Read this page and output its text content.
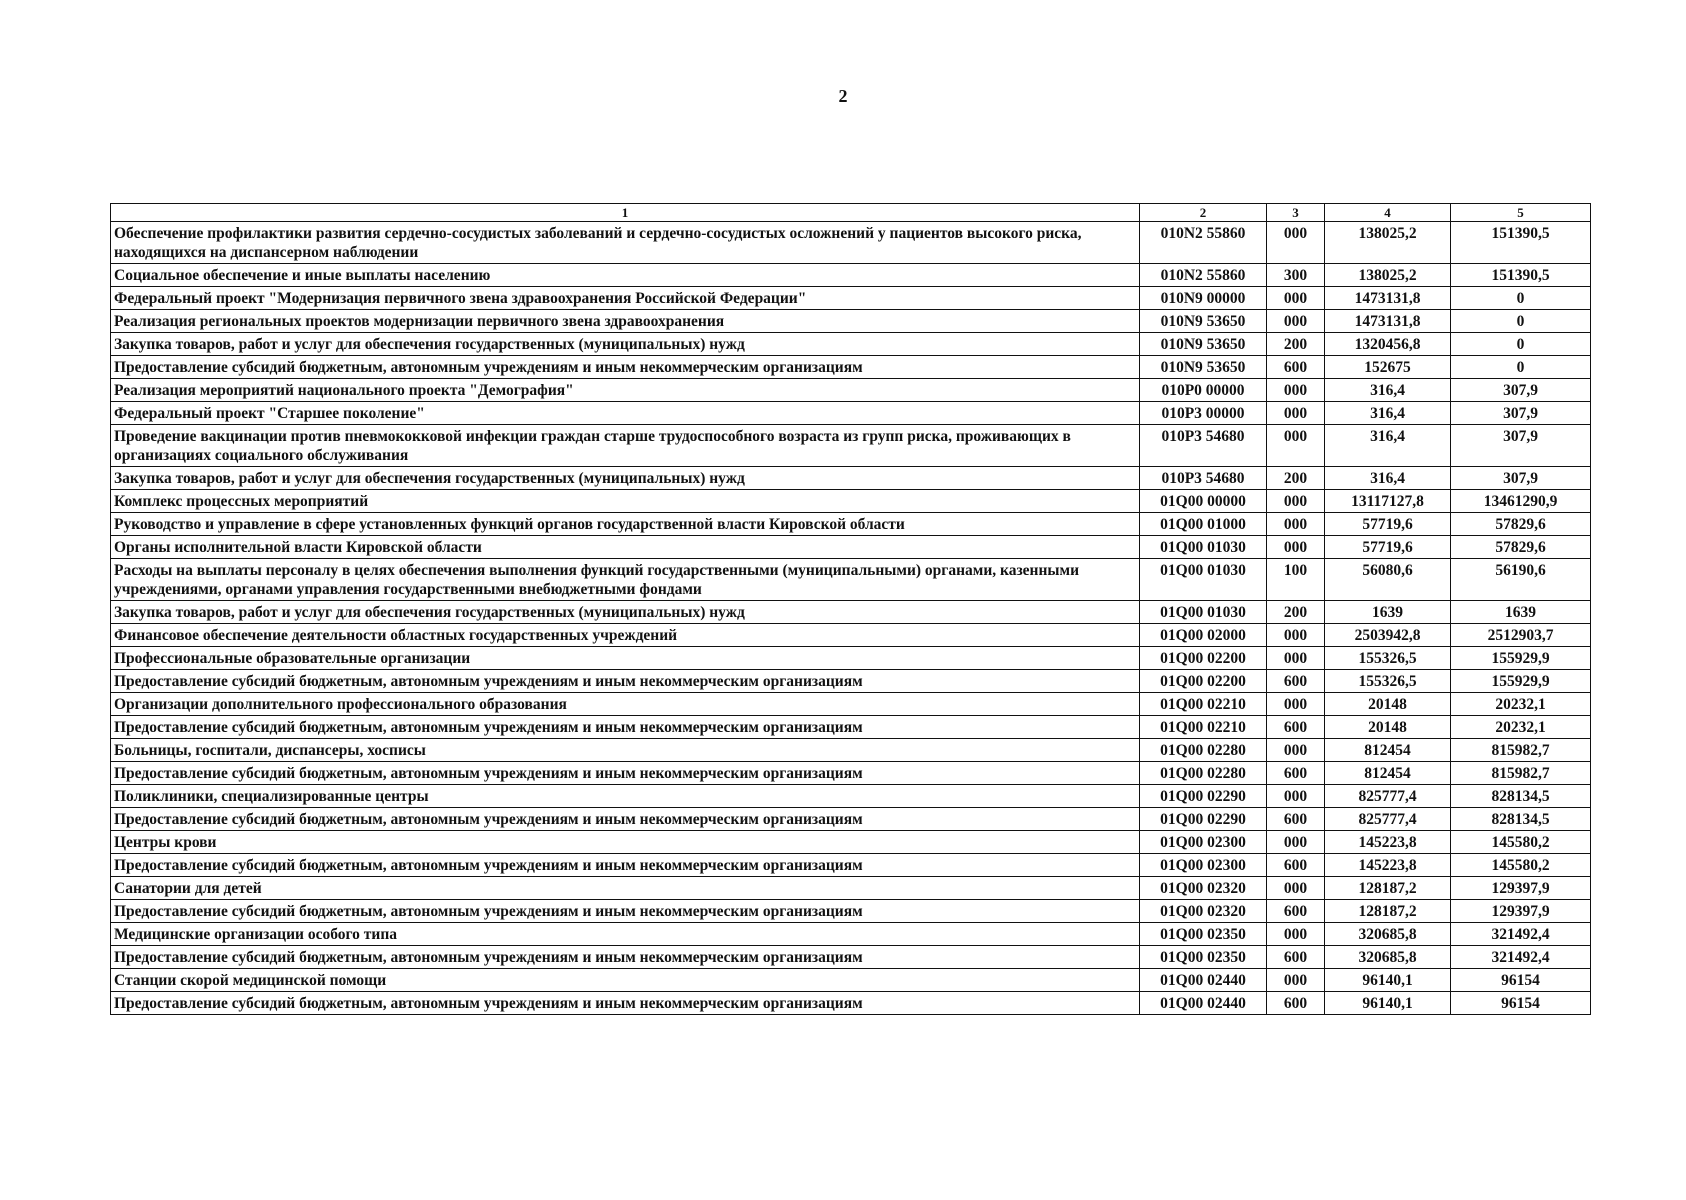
2
1	2	3	4	5
Обеспечение профилактики развития сердечно-сосудистых заболеваний и сердечно-сосудистых осложнений у пациентов высокого риска, находящихся на диспансерном наблюдении	010N2 55860	000	138025,2	151390,5
Социальное обеспечение и иные выплаты населению	010N2 55860	300	138025,2	151390,5
Федеральный проект "Модернизация первичного звена здравоохранения Российской Федерации"	010N9 00000	000	1473131,8	0
Реализация региональных проектов модернизации первичного звена здравоохранения	010N9 53650	000	1473131,8	0
Закупка товаров, работ и услуг для обеспечения государственных (муниципальных) нужд	010N9 53650	200	1320456,8	0
Предоставление субсидий бюджетным, автономным учреждениям и иным некоммерческим организациям	010N9 53650	600	152675	0
Реализация мероприятий национального проекта "Демография"	010P0 00000	000	316,4	307,9
Федеральный проект "Старшее поколение"	010P3 00000	000	316,4	307,9
Проведение вакцинации против пневмококковой инфекции граждан старше трудоспособного возраста из групп риска, проживающих в организациях социального обслуживания	010P3 54680	000	316,4	307,9
Закупка товаров, работ и услуг для обеспечения государственных (муниципальных) нужд	010P3 54680	200	316,4	307,9
Комплекс процессных мероприятий	01Q00 00000	000	13117127,8	13461290,9
Руководство и управление в сфере установленных функций органов государственной власти Кировской области	01Q00 01000	000	57719,6	57829,6
Органы исполнительной власти Кировской области	01Q00 01030	000	57719,6	57829,6
Расходы на выплаты персоналу в целях обеспечения выполнения функций государственными (муниципальными) органами, казенными учреждениями, органами управления государственными внебюджетными фондами	01Q00 01030	100	56080,6	56190,6
Закупка товаров, работ и услуг для обеспечения государственных (муниципальных) нужд	01Q00 01030	200	1639	1639
Финансовое обеспечение деятельности областных государственных учреждений	01Q00 02000	000	2503942,8	2512903,7
Профессиональные образовательные организации	01Q00 02200	000	155326,5	155929,9
Предоставление субсидий бюджетным, автономным учреждениям и иным некоммерческим организациям	01Q00 02200	600	155326,5	155929,9
Организации дополнительного профессионального образования	01Q00 02210	000	20148	20232,1
Предоставление субсидий бюджетным, автономным учреждениям и иным некоммерческим организациям	01Q00 02210	600	20148	20232,1
Больницы, госпитали, диспансеры, хосписы	01Q00 02280	000	812454	815982,7
Предоставление субсидий бюджетным, автономным учреждениям и иным некоммерческим организациям	01Q00 02280	600	812454	815982,7
Поликлиники, специализированные центры	01Q00 02290	000	825777,4	828134,5
Предоставление субсидий бюджетным, автономным учреждениям и иным некоммерческим организациям	01Q00 02290	600	825777,4	828134,5
Центры крови	01Q00 02300	000	145223,8	145580,2
Предоставление субсидий бюджетным, автономным учреждениям и иным некоммерческим организациям	01Q00 02300	600	145223,8	145580,2
Санатории для детей	01Q00 02320	000	128187,2	129397,9
Предоставление субсидий бюджетным, автономным учреждениям и иным некоммерческим организациям	01Q00 02320	600	128187,2	129397,9
Медицинские организации особого типа	01Q00 02350	000	320685,8	321492,4
Предоставление субсидий бюджетным, автономным учреждениям и иным некоммерческим организациям	01Q00 02350	600	320685,8	321492,4
Станции скорой медицинской помощи	01Q00 02440	000	96140,1	96154
Предоставление субсидий бюджетным, автономным учреждениям и иным некоммерческим организациям	01Q00 02440	600	96140,1	96154
